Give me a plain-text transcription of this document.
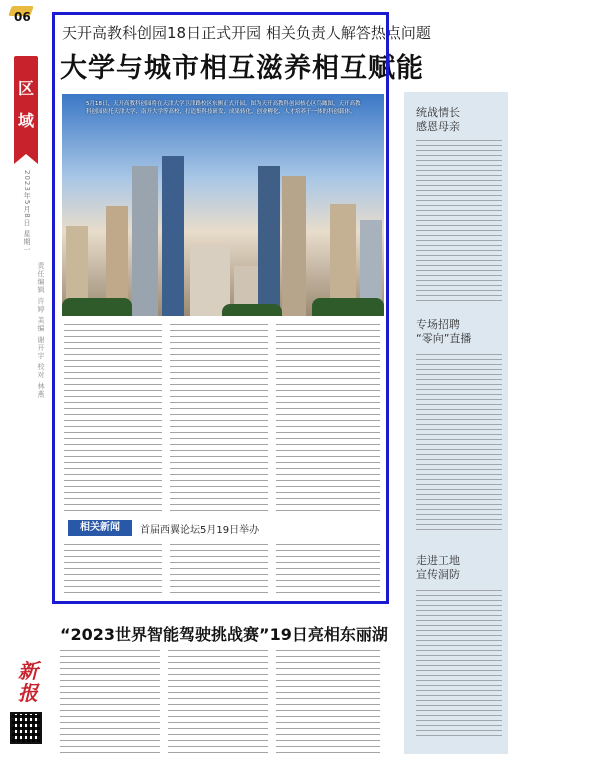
06
区
域
2023年5月8日 星期一
责任编辑 许婷 美编 谢开宇 校对 林燕
新
报
天开高教科创园18日正式开园 相关负责人解答热点问题
大学与城市相互滋养相互赋能
5月18日，天开高教科创园将在天津大学卫津路校区东侧正式开园。图为天开高教科创园核心区鸟瞰图。天开高教科创园依托天津大学、南开大学等高校，打造集科技研发、成果转化、创业孵化、人才培养于一体的科创载体。
相关新闻	首届西翼论坛5月19日举办
“2023世界智能驾驶挑战赛”19日亮相东丽湖
统战情长
感恩母亲
专场招聘
“零向”直播
走进工地
宣传洞防
